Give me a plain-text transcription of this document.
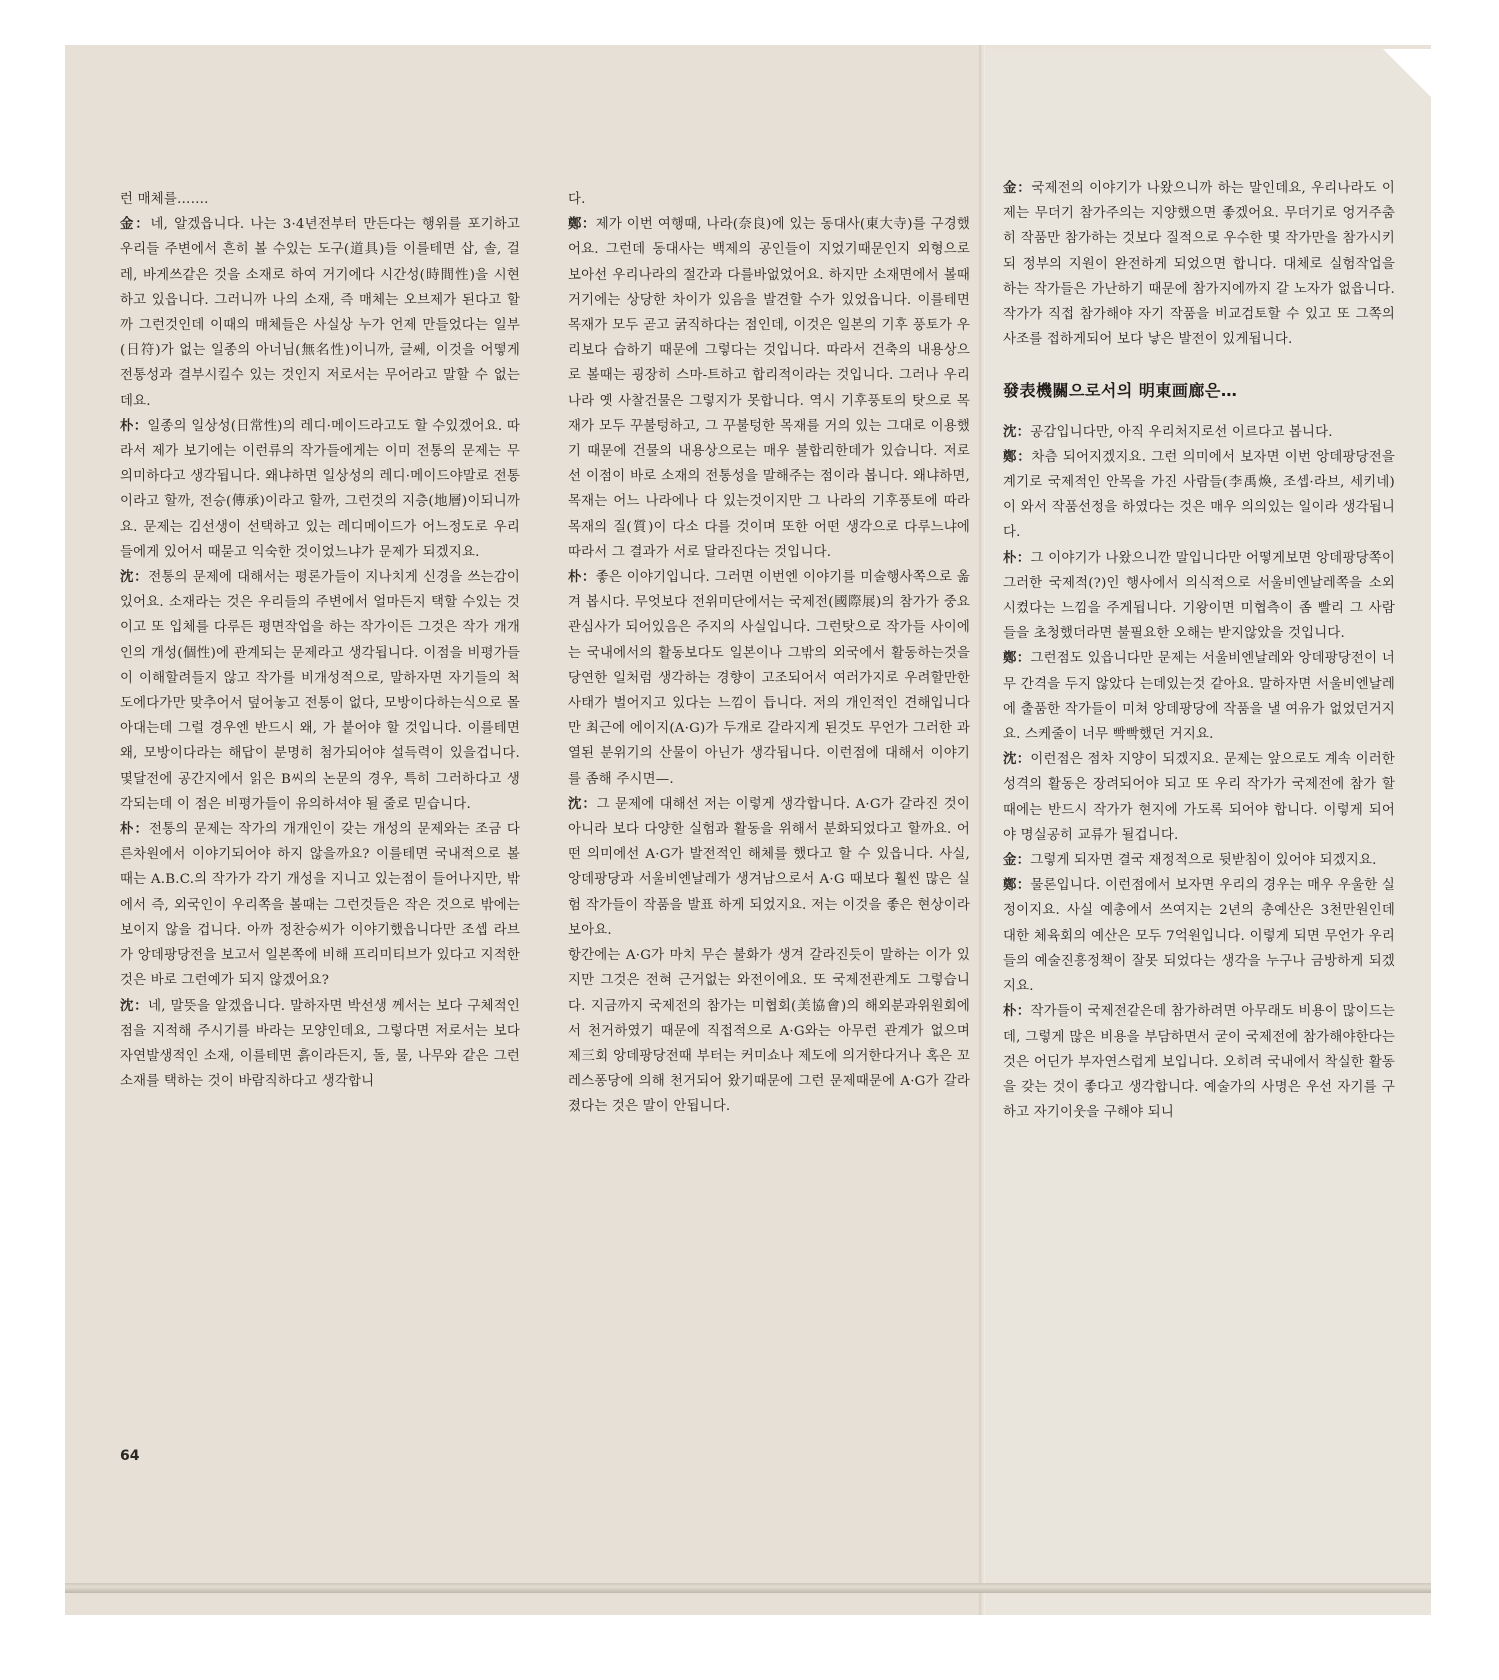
런 매체를…….

金：네, 알겠읍니다. 나는 3·4년전부터 만든다는 행위를 포기하고 우리들 주변에서 흔히 볼 수있는 도구(道具)들 이를테면 삽, 솔, 걸레, 바게쓰같은 것을 소재로 하여 거기에다 시간성(時間性)을 시현하고 있읍니다. 그러니까 나의 소재, 즉 매체는 오브제가 된다고 할까 그런것인데 이때의 매체들은 사실상 누가 언제 만들었다는 일부(日符)가 없는 일종의 아너님(無名性)이니까, 글쎄, 이것을 어떻게 전통성과 결부시킬수 있는 것인지 저로서는 무어라고 말할 수 없는데요.

朴：일종의 일상성(日常性)의 레디·메이드라고도 할 수있겠어요. 따라서 제가 보기에는 이런류의 작가들에게는 이미 전통의 문제는 무의미하다고 생각됩니다. 왜냐하면 일상성의 레디·메이드야말로 전통이라고 할까, 전승(傳承)이라고 할까, 그런것의 지층(地層)이되니까요. 문제는 김선생이 선택하고 있는 레디메이드가 어느정도로 우리들에게 있어서 때묻고 익숙한 것이었느냐가 문제가 되겠지요.

沈：전통의 문제에 대해서는 평론가들이 지나치게 신경을 쓰는감이 있어요. 소재라는 것은 우리들의 주변에서 얼마든지 택할 수있는 것이고 또 입체를 다루든 평면작업을 하는 작가이든 그것은 작가 개개인의 개성(個性)에 관계되는 문제라고 생각됩니다. 이점을 비평가들이 이해할려들지 않고 작가를 비개성적으로, 말하자면 자기들의 척도에다가만 맞추어서 덮어놓고 전통이 없다, 모방이다하는식으로 몰아대는데 그럴 경우엔 반드시 왜, 가 붙어야 할 것입니다. 이를테면 왜, 모방이다라는 해답이 분명히 첨가되어야 설득력이 있을겁니다. 몇달전에 공간지에서 읽은 B씨의 논문의 경우, 특히 그러하다고 생각되는데 이 점은 비평가들이 유의하셔야 될 줄로 믿습니다.

朴：전통의 문제는 작가의 개개인이 갖는 개성의 문제와는 조금 다른차원에서 이야기되어야 하지 않을까요? 이를테면 국내적으로 볼때는 A.B.C.의 작가가 각기 개성을 지니고 있는점이 들어나지만, 밖에서 즉, 외국인이 우리쪽을 볼때는 그런것들은 작은 것으로 밖에는 보이지 않을 겁니다. 아까 정찬승씨가 이야기했읍니다만 조셉 라브가 앙데팡당전을 보고서 일본쪽에 비해 프리미티브가 있다고 지적한 것은 바로 그런예가 되지 않겠어요?

沈：네, 말뜻을 알겠읍니다. 말하자면 박선생 께서는 보다 구체적인 점을 지적해 주시기를 바라는 모양인데요, 그렇다면 저로서는 보다 자연발생적인 소재, 이를테면 흙이라든지, 돌, 물, 나무와 같은 그런 소재를 택하는 것이 바람직하다고 생각합니

다.

鄭：제가 이번 여행때, 나라(奈良)에 있는 동대사(東大寺)를 구경했어요. 그런데 동대사는 백제의 공인들이 지었기때문인지 외형으로 보아선 우리나라의 절간과 다를바없었어요. 하지만 소재면에서 볼때 거기에는 상당한 차이가 있음을 발견할 수가 있었읍니다. 이를테면 목재가 모두 곧고 굵직하다는 점인데, 이것은 일본의 기후 풍토가 우리보다 습하기 때문에 그렇다는 것입니다. 따라서 건축의 내용상으로 볼때는 굉장히 스마-트하고 합리적이라는 것입니다. 그러나 우리나라 옛 사찰건물은 그렇지가 못합니다. 역시 기후풍토의 탓으로 목재가 모두 꾸불텅하고, 그 꾸불텅한 목재를 거의 있는 그대로 이용했기 때문에 건물의 내용상으로는 매우 불합리한데가 있습니다. 저로선 이점이 바로 소재의 전통성을 말해주는 점이라 봅니다. 왜냐하면, 목재는 어느 나라에나 다 있는것이지만 그 나라의 기후풍토에 따라 목재의 질(質)이 다소 다를 것이며 또한 어떤 생각으로 다루느냐에 따라서 그 결과가 서로 달라진다는 것입니다.

朴：좋은 이야기입니다. 그러면 이번엔 이야기를 미술행사쪽으로 옮겨 봅시다. 무엇보다 전위미단에서는 국제전(國際展)의 참가가 중요관심사가 되어있음은 주지의 사실입니다. 그런탓으로 작가들 사이에는 국내에서의 활동보다도 일본이나 그밖의 외국에서 활동하는것을 당연한 일처럼 생각하는 경향이 고조되어서 여러가지로 우려할만한 사태가 벌어지고 있다는 느낌이 듭니다. 저의 개인적인 견해입니다만 최근에 에이지(A·G)가 두개로 갈라지게 된것도 무언가 그러한 과열된 분위기의 산물이 아닌가 생각됩니다. 이런점에 대해서 이야기를 좀해 주시면—.

沈：그 문제에 대해선 저는 이렇게 생각합니다. A·G가 갈라진 것이 아니라 보다 다양한 실험과 활동을 위해서 분화되었다고 할까요. 어떤 의미에선 A·G가 발전적인 해체를 했다고 할 수 있읍니다. 사실, 앙데팡당과 서울비엔날레가 생겨남으로서 A·G 때보다 훨씬 많은 실험 작가들이 작품을 발표 하게 되었지요. 저는 이것을 좋은 현상이라 보아요.

항간에는 A·G가 마치 무슨 불화가 생겨 갈라진듯이 말하는 이가 있지만 그것은 전혀 근거없는 와전이에요. 또 국제전관계도 그렇습니다. 지금까지 국제전의 참가는 미협회(美協會)의 해외분과위원회에서 천거하였기 때문에 직접적으로 A·G와는 아무런 관계가 없으며 제三회 앙데팡당전때 부터는 커미쇼나 제도에 의거한다거나 혹은 꼬레스퐁당에 의해 천거되어 왔기때문에 그런 문제때문에 A·G가 갈라졌다는 것은 말이 안됩니다.

金：국제전의 이야기가 나왔으니까 하는 말인데요, 우리나라도 이제는 무더기 참가주의는 지양했으면 좋겠어요. 무더기로 엉거주춤히 작품만 참가하는 것보다 질적으로 우수한 몇 작가만을 참가시키되 정부의 지원이 완전하게 되었으면 합니다. 대체로 실험작업을 하는 작가들은 가난하기 때문에 참가지에까지 갈 노자가 없읍니다. 작가가 직접 참가해야 자기 작품을 비교검토할 수 있고 또 그쪽의 사조를 접하게되어 보다 낳은 발전이 있게됩니다.

發表機關으로서의 明東画廊은…

沈：공감입니다만, 아직 우리처지로선 이르다고 봅니다.

鄭：차츰 되어지겠지요. 그런 의미에서 보자면 이번 앙데팡당전을 계기로 국제적인 안목을 가진 사람들(李禹煥, 조셉·라브, 세키네)이 와서 작품선정을 하였다는 것은 매우 의의있는 일이라 생각됩니다.

朴：그 이야기가 나왔으니깐 말입니다만 어떻게보면 앙데팡당쪽이 그러한 국제적(?)인 행사에서 의식적으로 서울비엔날레쪽을 소외시켰다는 느낌을 주게됩니다. 기왕이면 미협측이 좀 빨리 그 사람들을 초청했더라면 불필요한 오해는 받지않았을 것입니다.

鄭：그런점도 있읍니다만 문제는 서울비엔날레와 앙데팡당전이 너무 간격을 두지 않았다 는데있는것 같아요. 말하자면 서울비엔날레에 출품한 작가들이 미쳐 앙데팡당에 작품을 낼 여유가 없었던거지요. 스케줄이 너무 빡빡했던 거지요.

沈：이런점은 점차 지양이 되겠지요. 문제는 앞으로도 계속 이러한 성격의 활동은 장려되어야 되고 또 우리 작가가 국제전에 참가 할 때에는 반드시 작가가 현지에 가도록 되어야 합니다. 이렇게 되어야 명실공히 교류가 될겁니다.

金：그렇게 되자면 결국 재정적으로 뒷받침이 있어야 되겠지요.

鄭：물론입니다. 이런점에서 보자면 우리의 경우는 매우 우울한 실정이지요. 사실 예총에서 쓰여지는 2년의 총예산은 3천만원인데 대한 체육회의 예산은 모두 7억원입니다. 이렇게 되면 무언가 우리들의 예술진흥정책이 잘못 되었다는 생각을 누구나 금방하게 되겠지요.

朴：작가들이 국제전같은데 참가하려면 아무래도 비용이 많이드는데, 그렇게 많은 비용을 부담하면서 굳이 국제전에 참가해야한다는 것은 어딘가 부자연스럽게 보입니다. 오히려 국내에서 착실한 활동을 갖는 것이 좋다고 생각합니다. 예술가의 사명은 우선 자기를 구하고 자기이웃을 구해야 되니

64
